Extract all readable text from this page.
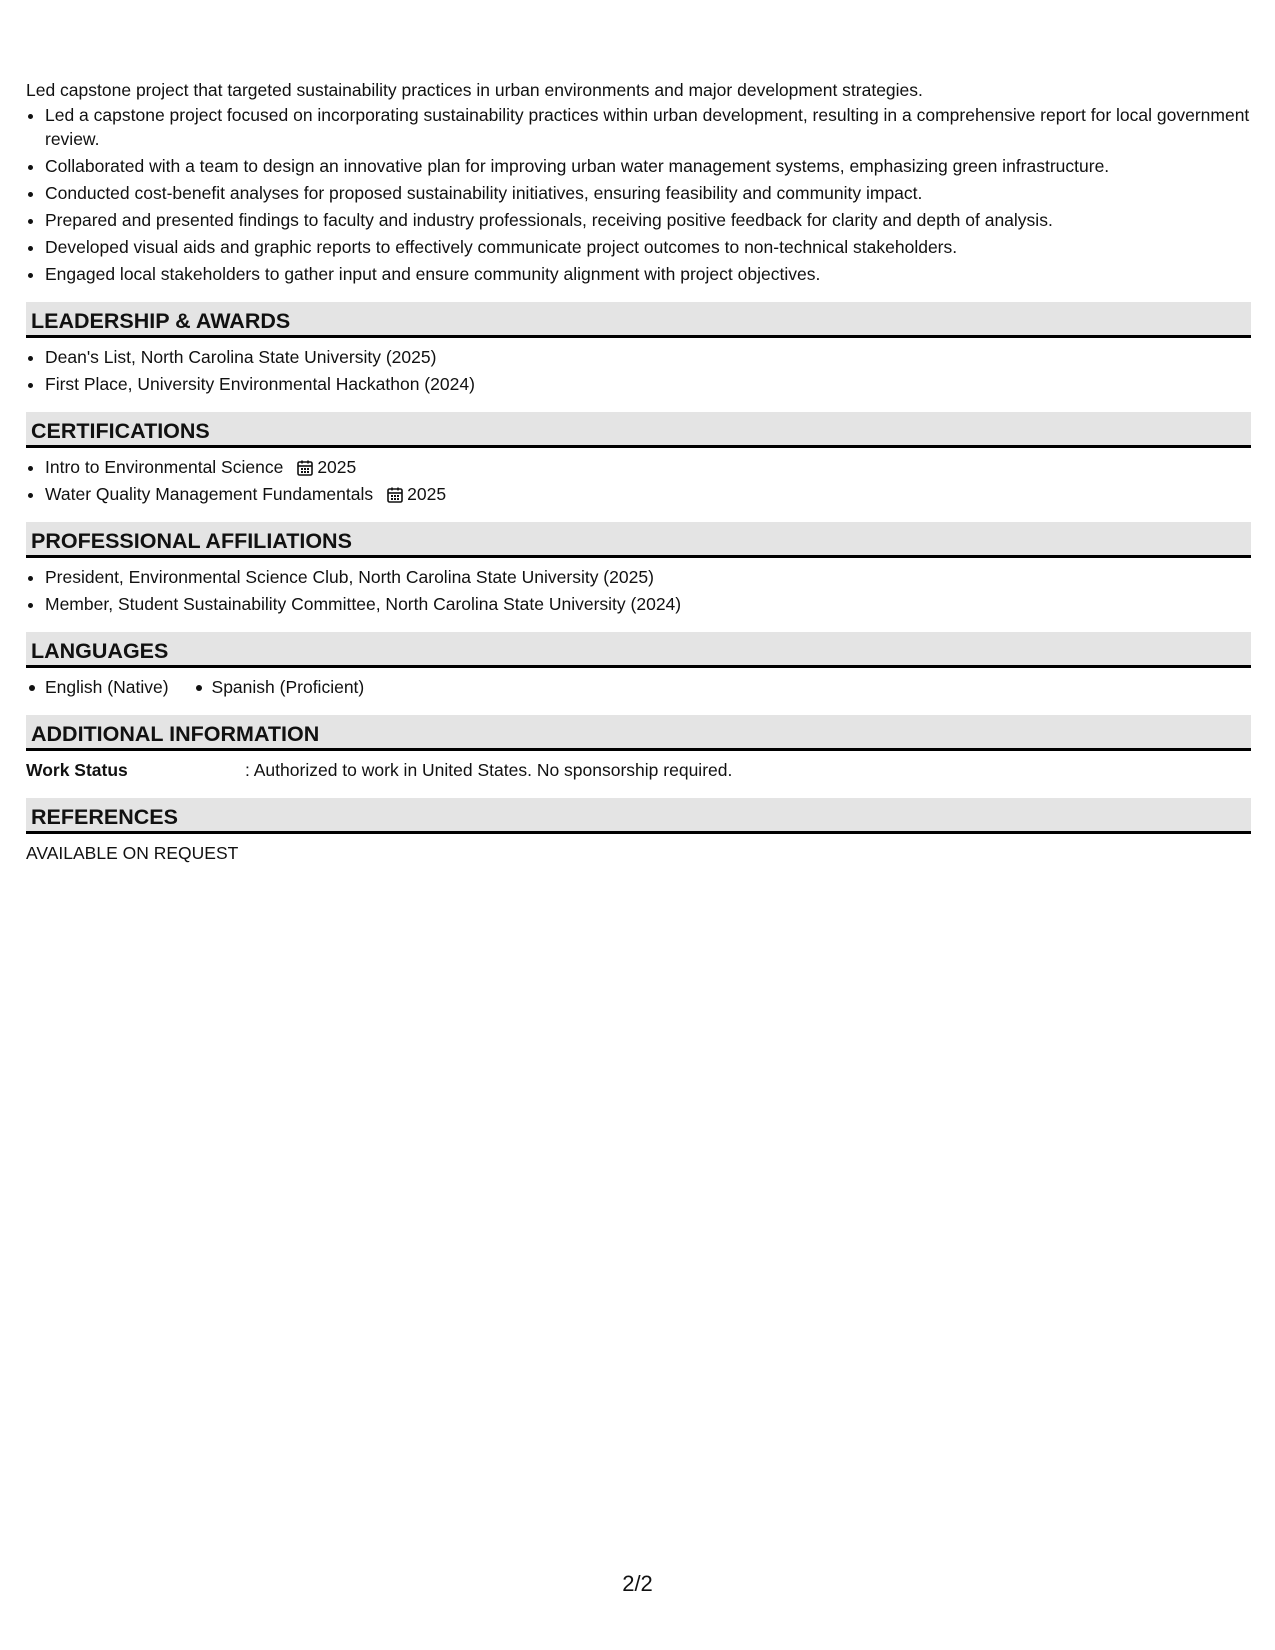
Led capstone project that targeted sustainability practices in urban environments and major development strategies.
• Led a capstone project focused on incorporating sustainability practices within urban development, resulting in a comprehensive report for local government review.
• Collaborated with a team to design an innovative plan for improving urban water management systems, emphasizing green infrastructure.
• Conducted cost-benefit analyses for proposed sustainability initiatives, ensuring feasibility and community impact.
• Prepared and presented findings to faculty and industry professionals, receiving positive feedback for clarity and depth of analysis.
• Developed visual aids and graphic reports to effectively communicate project outcomes to non-technical stakeholders.
• Engaged local stakeholders to gather input and ensure community alignment with project objectives.
LEADERSHIP & AWARDS
• Dean's List, North Carolina State University (2025)
• First Place, University Environmental Hackathon (2024)
CERTIFICATIONS
• Intro to Environmental Science 2025
• Water Quality Management Fundamentals 2025
PROFESSIONAL AFFILIATIONS
• President, Environmental Science Club, North Carolina State University (2025)
• Member, Student Sustainability Committee, North Carolina State University (2024)
LANGUAGES
English (Native)	Spanish (Proficient)
ADDITIONAL INFORMATION
Work Status	: Authorized to work in United States. No sponsorship required.
REFERENCES
AVAILABLE ON REQUEST
2/2
